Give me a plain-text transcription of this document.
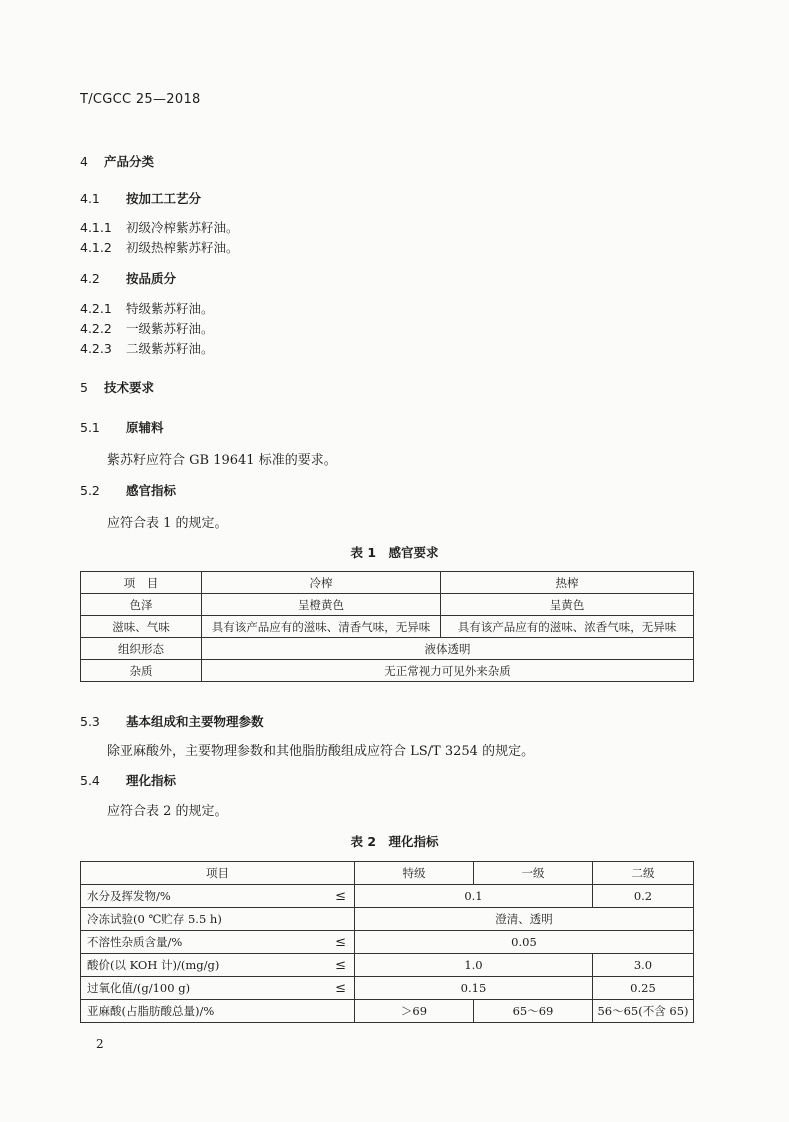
T/CGCC 25—2018
4 产品分类
4.1 按加工工艺分
4.1.1 初级冷榨紫苏籽油。
4.1.2 初级热榨紫苏籽油。
4.2 按品质分
4.2.1 特级紫苏籽油。
4.2.2 一级紫苏籽油。
4.2.3 二级紫苏籽油。
5 技术要求
5.1 原辅料
紫苏籽应符合 GB 19641 标准的要求。
5.2 感官指标
应符合表 1 的规定。
表 1　感官要求
项　目	冷榨	热榨
色泽	呈橙黄色	呈黄色
滋味、气味	具有该产品应有的滋味、清香气味，无异味	具有该产品应有的滋味、浓香气味，无异味
组织形态	液体透明	
杂质	无正常视力可见外来杂质	
5.3 基本组成和主要物理参数
除亚麻酸外，主要物理参数和其他脂肪酸组成应符合 LS/T 3254 的规定。
5.4 理化指标
应符合表 2 的规定。
表 2　理化指标
项目		特级	一级	二级
水分及挥发物/%	≤	0.1		0.2
冷冻试验(0 ℃贮存 5.5 h)		澄清、透明		
不溶性杂质含量/%	≤	0.05		
酸价(以 KOH 计)/(mg/g)	≤	1.0		3.0
过氧化值/(g/100 g)	≤	0.15		0.25
亚麻酸(占脂肪酸总量)/%		＞69	65～69	56～65(不含 65)
2
